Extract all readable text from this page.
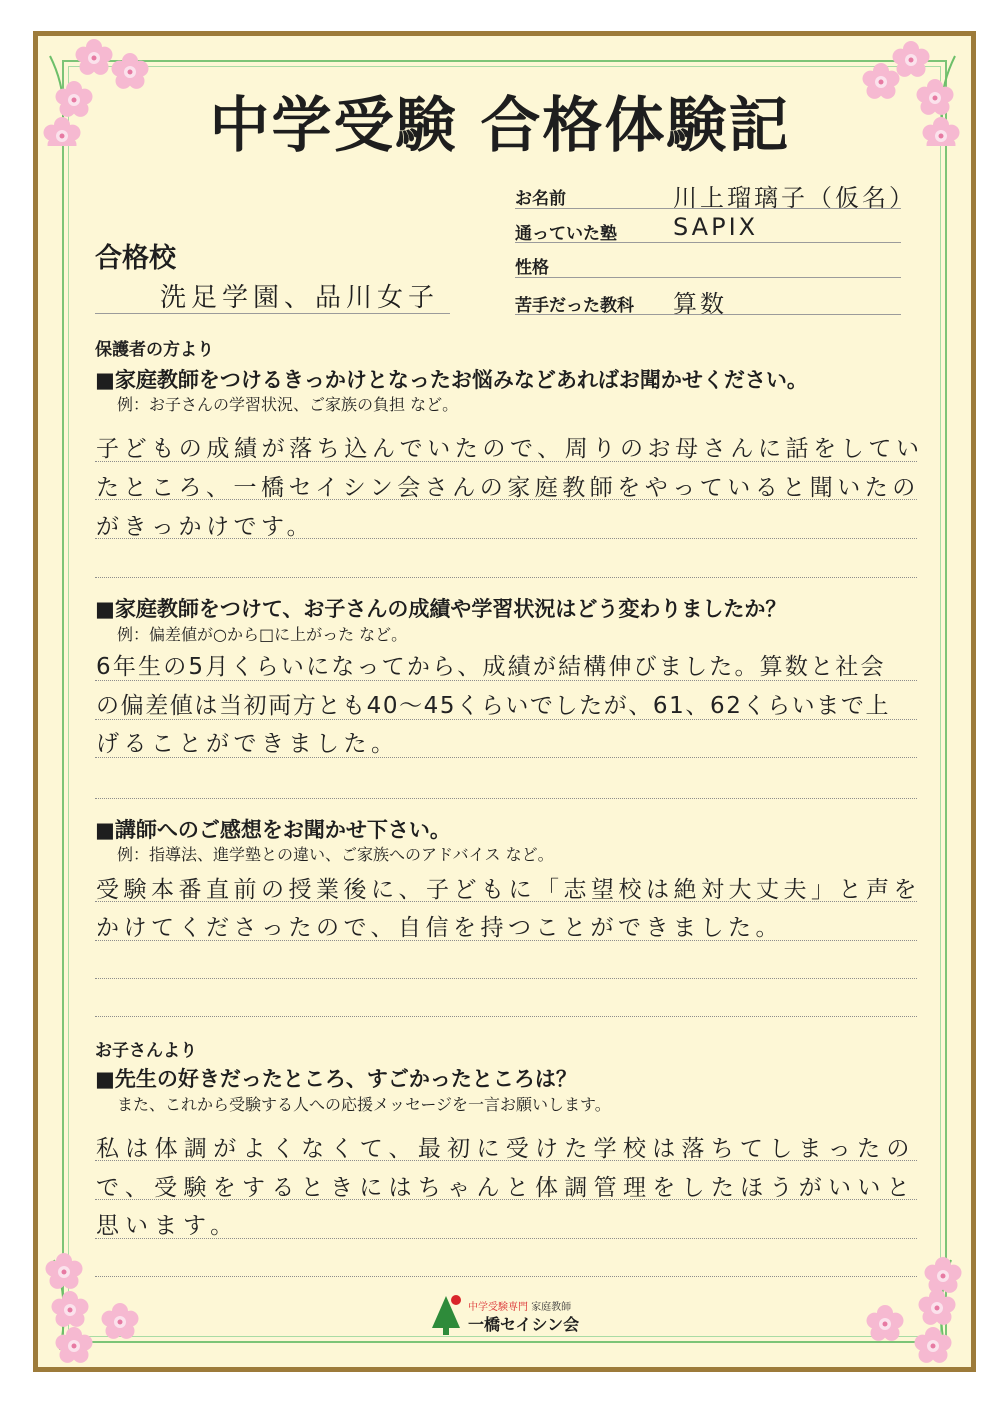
中学受験 合格体験記
お名前	川上瑠璃子（仮名）
通っていた塾 SAPIX
性格
苦手だった教科 算数
合格校
洗足学園、品川女子
保護者の方より
■家庭教師をつけるきっかけとなったお悩みなどあればお聞かせください。
例：お子さんの学習状況、ご家族の負担 など。
子どもの成績が落ち込んでいたので、周りのお母さんに話をしてい
たところ、一橋セイシン会さんの家庭教師をやっていると聞いたの
がきっかけです。
■家庭教師をつけて、お子さんの成績や学習状況はどう変わりましたか？
例：偏差値が○から□に上がった など。
6年生の5月くらいになってから、成績が結構伸びました。算数と社会
の偏差値は当初両方とも40～45くらいでしたが、61、62くらいまで上
げることができました。
■講師へのご感想をお聞かせ下さい。
例：指導法、進学塾との違い、ご家族へのアドバイス など。
受験本番直前の授業後に、子どもに「志望校は絶対大丈夫」と声を
かけてくださったので、自信を持つことができました。
お子さんより
■先生の好きだったところ、すごかったところは？
また、これから受験する人への応援メッセージを一言お願いします。
私は体調がよくなくて、最初に受けた学校は落ちてしまったの
で、受験をするときにはちゃんと体調管理をしたほうがいいと
思います。
中学受験専門 家庭教師
一橋セイシン会
